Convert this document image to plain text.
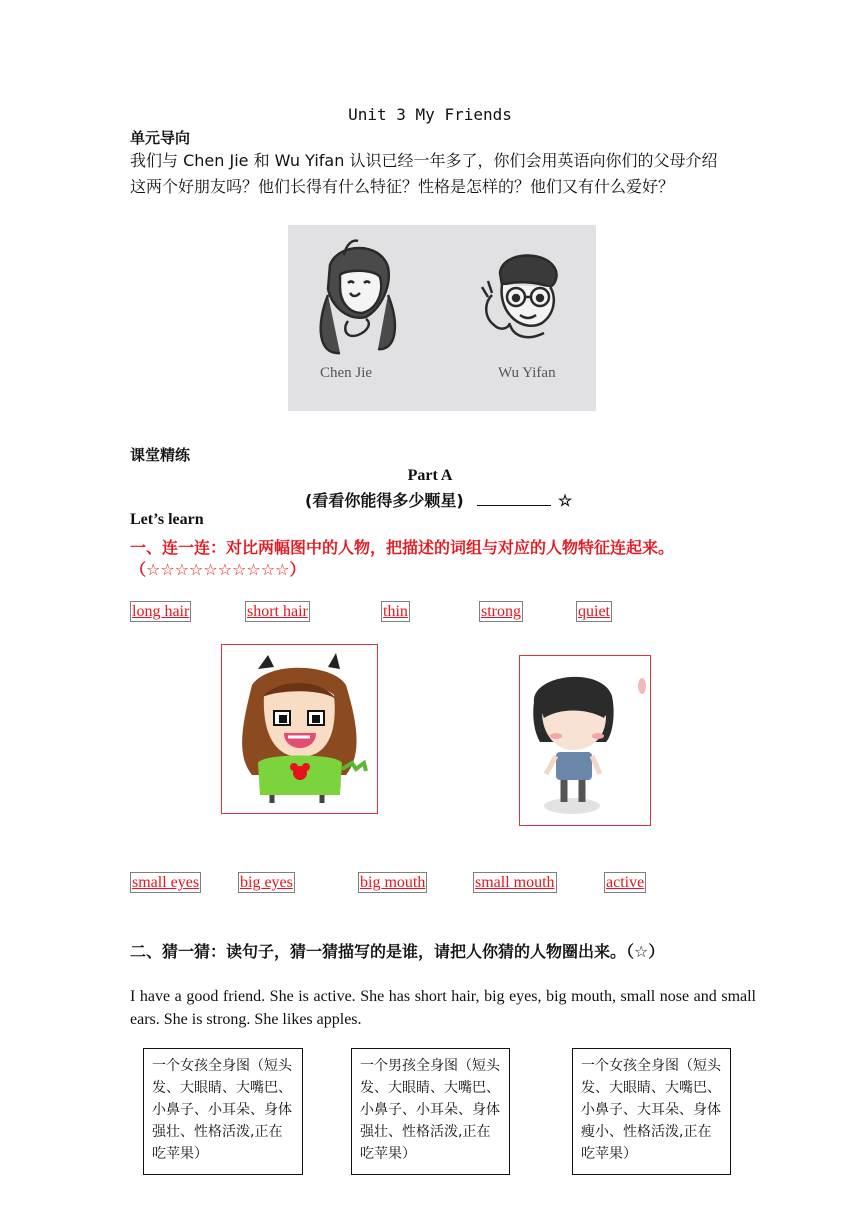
Unit 3 My Friends
单元导向
我们与 Chen Jie 和 Wu Yifan 认识已经一年多了，你们会用英语向你们的父母介绍
这两个好朋友吗？他们长得有什么特征？性格是怎样的？他们又有什么爱好？
Chen Jie	Wu Yifan
课堂精练
Part A
(看看你能得多少颗星)	☆
Let’s learn
一、连一连：对比两幅图中的人物，把描述的词组与对应的人物特征连起来。
（☆☆☆☆☆☆☆☆☆☆）
long hair	short hair	thin	strong	quiet
small eyes	big eyes	big mouth	small mouth	active
二、猜一猜：读句子，猜一猜描写的是谁，请把人你猜的人物圈出来。（☆）
I have a good friend. She is active. She has short hair, big eyes, big mouth, small nose and small ears. She is strong. She likes apples.
一个女孩全身图（短头发、大眼睛、大嘴巴、小鼻子、小耳朵、身体强壮、性格活泼,正在吃苹果）
一个男孩全身图（短头发、大眼睛、大嘴巴、小鼻子、小耳朵、身体强壮、性格活泼,正在吃苹果）
一个女孩全身图（短头发、大眼睛、大嘴巴、小鼻子、大耳朵、身体瘦小、性格活泼,正在吃苹果）
